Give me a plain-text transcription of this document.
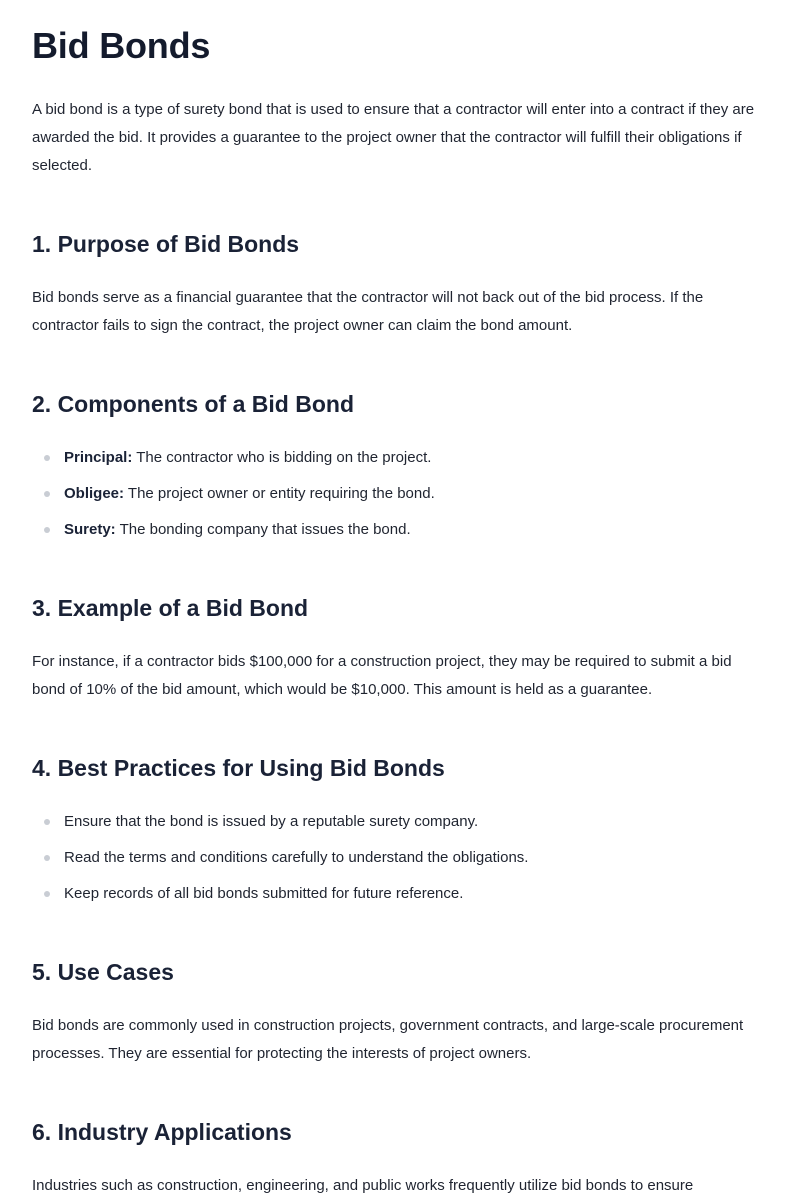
Bid Bonds

A bid bond is a type of surety bond that is used to ensure that a contractor will enter into a contract if they are awarded the bid. It provides a guarantee to the project owner that the contractor will fulfill their obligations if selected.

1. Purpose of Bid Bonds

Bid bonds serve as a financial guarantee that the contractor will not back out of the bid process. If the contractor fails to sign the contract, the project owner can claim the bond amount.

2. Components of a Bid Bond
Principal: The contractor who is bidding on the project.
Obligee: The project owner or entity requiring the bond.
Surety: The bonding company that issues the bond.
3. Example of a Bid Bond

For instance, if a contractor bids $100,000 for a construction project, they may be required to submit a bid bond of 10% of the bid amount, which would be $10,000. This amount is held as a guarantee.

4. Best Practices for Using Bid Bonds
Ensure that the bond is issued by a reputable surety company.
Read the terms and conditions carefully to understand the obligations.
Keep records of all bid bonds submitted for future reference.
5. Use Cases

Bid bonds are commonly used in construction projects, government contracts, and large-scale procurement processes. They are essential for protecting the interests of project owners.

6. Industry Applications

Industries such as construction, engineering, and public works frequently utilize bid bonds to ensure
